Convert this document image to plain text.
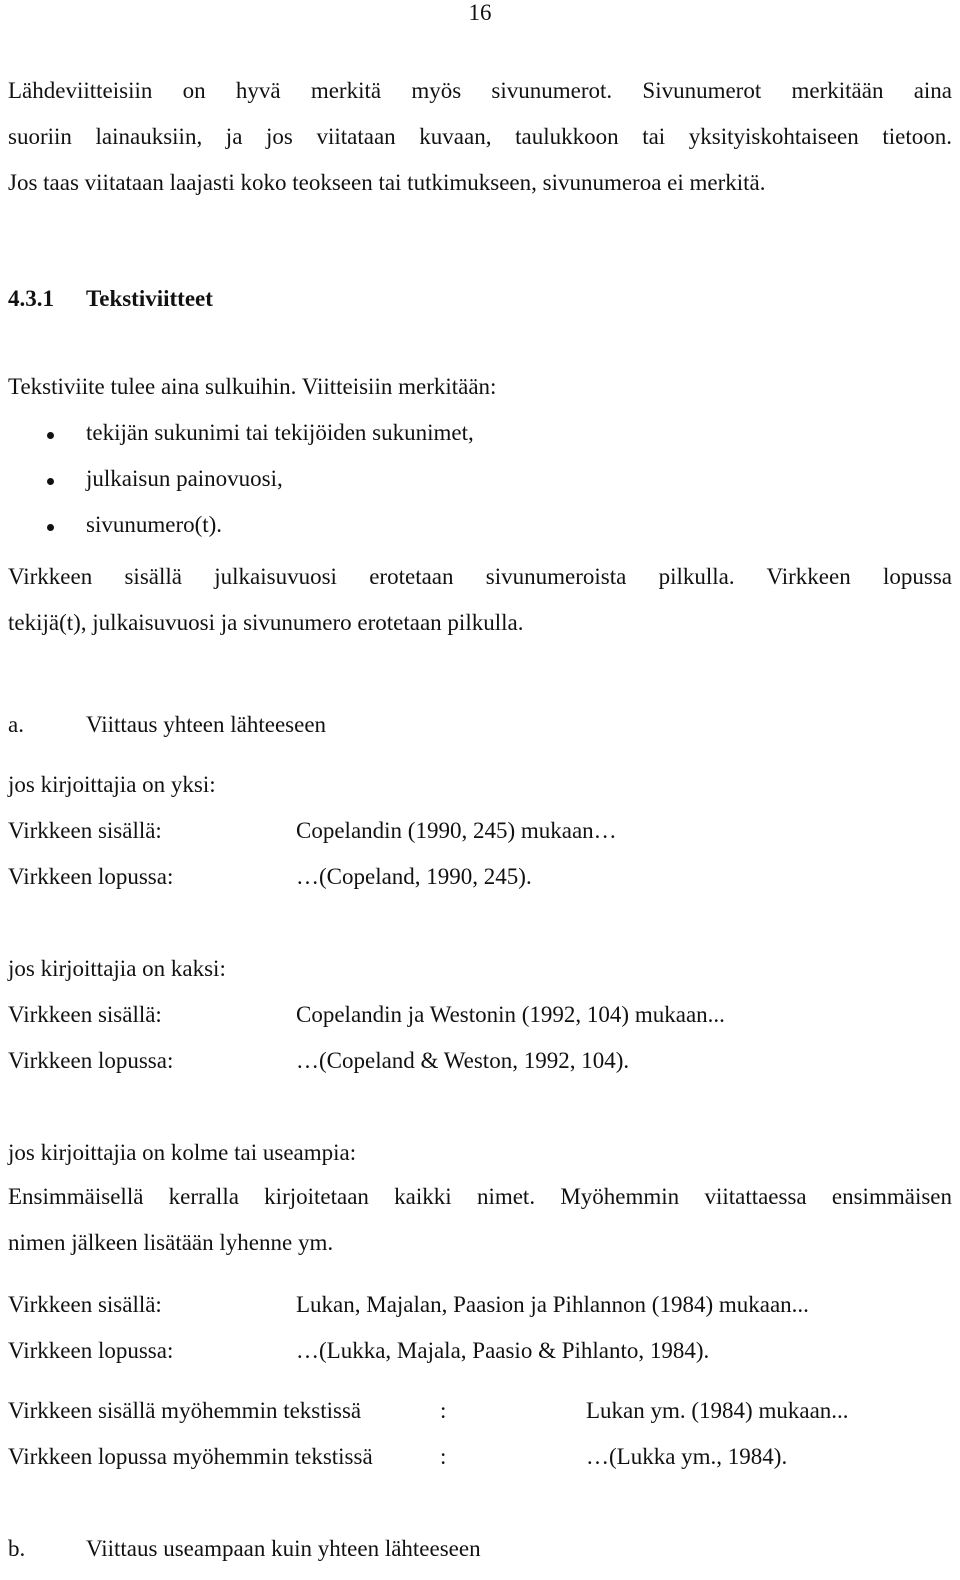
16
Lähdeviitteisiin on hyvä merkitä myös sivunumerot. Sivunumerot merkitään aina
suoriin lainauksiin, ja jos viitataan kuvaan, taulukkoon tai yksityiskohtaiseen tietoon.
Jos taas viitataan laajasti koko teokseen tai tutkimukseen, sivunumeroa ei merkitä.
4.3.1 Tekstiviitteet
Tekstiviite tulee aina sulkuihin. Viitteisiin merkitään:
tekijän sukunimi tai tekijöiden sukunimet,
julkaisun painovuosi,
sivunumero(t).
Virkkeen sisällä julkaisuvuosi erotetaan sivunumeroista pilkulla. Virkkeen lopussa
tekijä(t), julkaisuvuosi ja sivunumero erotetaan pilkulla.
a.	Viittaus yhteen lähteeseen
jos kirjoittajia on yksi:
Virkkeen sisällä:	Copelandin (1990, 245) mukaan…
Virkkeen lopussa:	…(Copeland, 1990, 245).
jos kirjoittajia on kaksi:
Virkkeen sisällä:	Copelandin ja Westonin (1992, 104) mukaan...
Virkkeen lopussa:	…(Copeland & Weston, 1992, 104).
jos kirjoittajia on kolme tai useampia:
Ensimmäisellä kerralla kirjoitetaan kaikki nimet. Myöhemmin viitattaessa ensimmäisen
nimen jälkeen lisätään lyhenne ym.
Virkkeen sisällä:	Lukan, Majalan, Paasion ja Pihlannon (1984) mukaan...
Virkkeen lopussa:	…(Lukka, Majala, Paasio & Pihlanto, 1984).
Virkkeen sisällä myöhemmin tekstissä	:	Lukan ym. (1984) mukaan...
Virkkeen lopussa myöhemmin tekstissä	:	…(Lukka ym., 1984).
b.	Viittaus useampaan kuin yhteen lähteeseen
